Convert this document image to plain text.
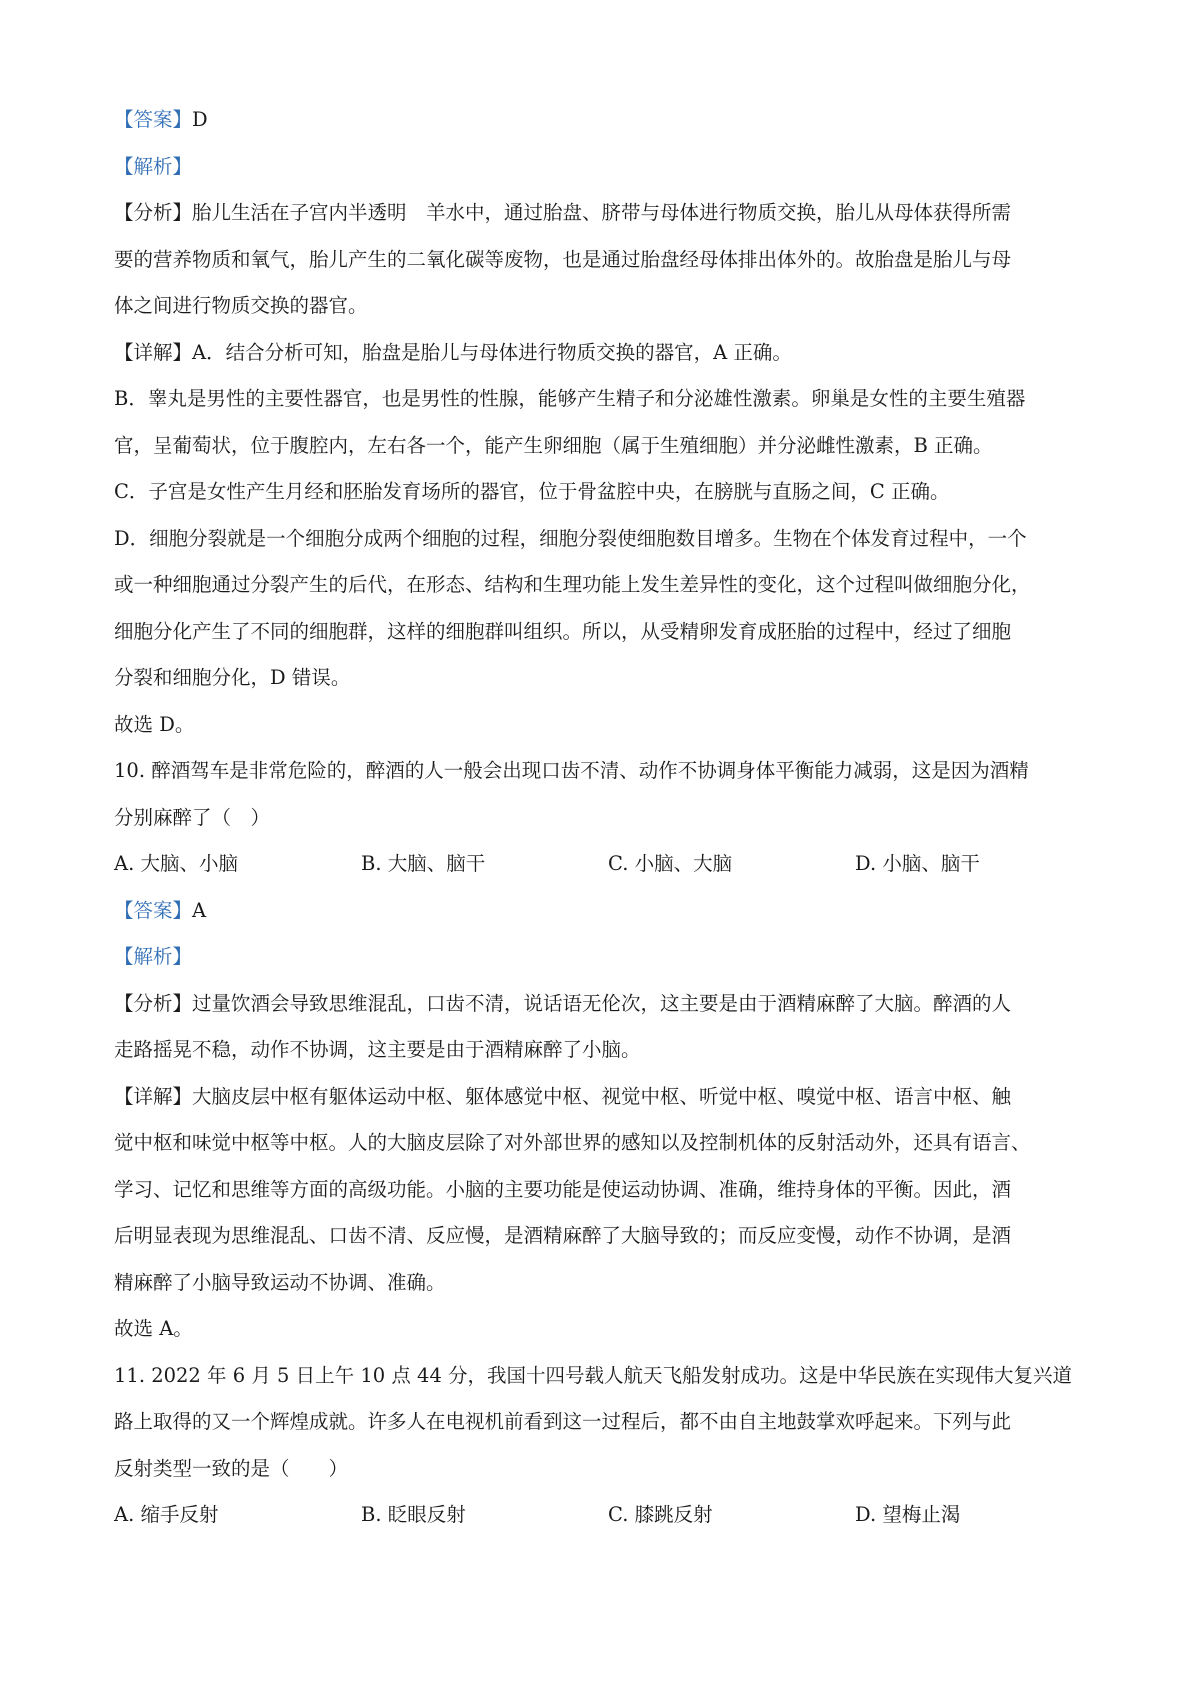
【答案】D
【解析】
【分析】胎儿生活在子宫内半透明　羊水中，通过胎盘、脐带与母体进行物质交换，胎儿从母体获得所需
要的营养物质和氧气，胎儿产生的二氧化碳等废物，也是通过胎盘经母体排出体外的。故胎盘是胎儿与母
体之间进行物质交换的器官。
【详解】A．结合分析可知，胎盘是胎儿与母体进行物质交换的器官，A 正确。
B．睾丸是男性的主要性器官，也是男性的性腺，能够产生精子和分泌雄性激素。卵巢是女性的主要生殖器
官，呈葡萄状，位于腹腔内，左右各一个，能产生卵细胞（属于生殖细胞）并分泌雌性激素，B 正确。
C．子宫是女性产生月经和胚胎发育场所的器官，位于骨盆腔中央，在膀胱与直肠之间，C 正确。
D．细胞分裂就是一个细胞分成两个细胞的过程，细胞分裂使细胞数目增多。生物在个体发育过程中，一个
或一种细胞通过分裂产生的后代，在形态、结构和生理功能上发生差异性的变化，这个过程叫做细胞分化，
细胞分化产生了不同的细胞群，这样的细胞群叫组织。所以，从受精卵发育成胚胎的过程中，经过了细胞
分裂和细胞分化，D 错误。
故选 D。
10. 醉酒驾车是非常危险的，醉酒的人一般会出现口齿不清、动作不协调身体平衡能力减弱，这是因为酒精
分别麻醉了（　）
A. 大脑、小脑	B. 大脑、脑干	C. 小脑、大脑	D. 小脑、脑干
【答案】A
【解析】
【分析】过量饮酒会导致思维混乱，口齿不清，说话语无伦次，这主要是由于酒精麻醉了大脑。醉酒的人
走路摇晃不稳，动作不协调，这主要是由于酒精麻醉了小脑。
【详解】大脑皮层中枢有躯体运动中枢、躯体感觉中枢、视觉中枢、听觉中枢、嗅觉中枢、语言中枢、触
觉中枢和味觉中枢等中枢。人的大脑皮层除了对外部世界的感知以及控制机体的反射活动外，还具有语言、
学习、记忆和思维等方面的高级功能。小脑的主要功能是使运动协调、准确，维持身体的平衡。因此，酒
后明显表现为思维混乱、口齿不清、反应慢，是酒精麻醉了大脑导致的；而反应变慢，动作不协调，是酒
精麻醉了小脑导致运动不协调、准确。
故选 A。
11. 2022 年 6 月 5 日上午 10 点 44 分，我国十四号载人航天飞船发射成功。这是中华民族在实现伟大复兴道
路上取得的又一个辉煌成就。许多人在电视机前看到这一过程后，都不由自主地鼓掌欢呼起来。下列与此
反射类型一致的是（　　）
A. 缩手反射	B. 眨眼反射	C. 膝跳反射	D. 望梅止渴
